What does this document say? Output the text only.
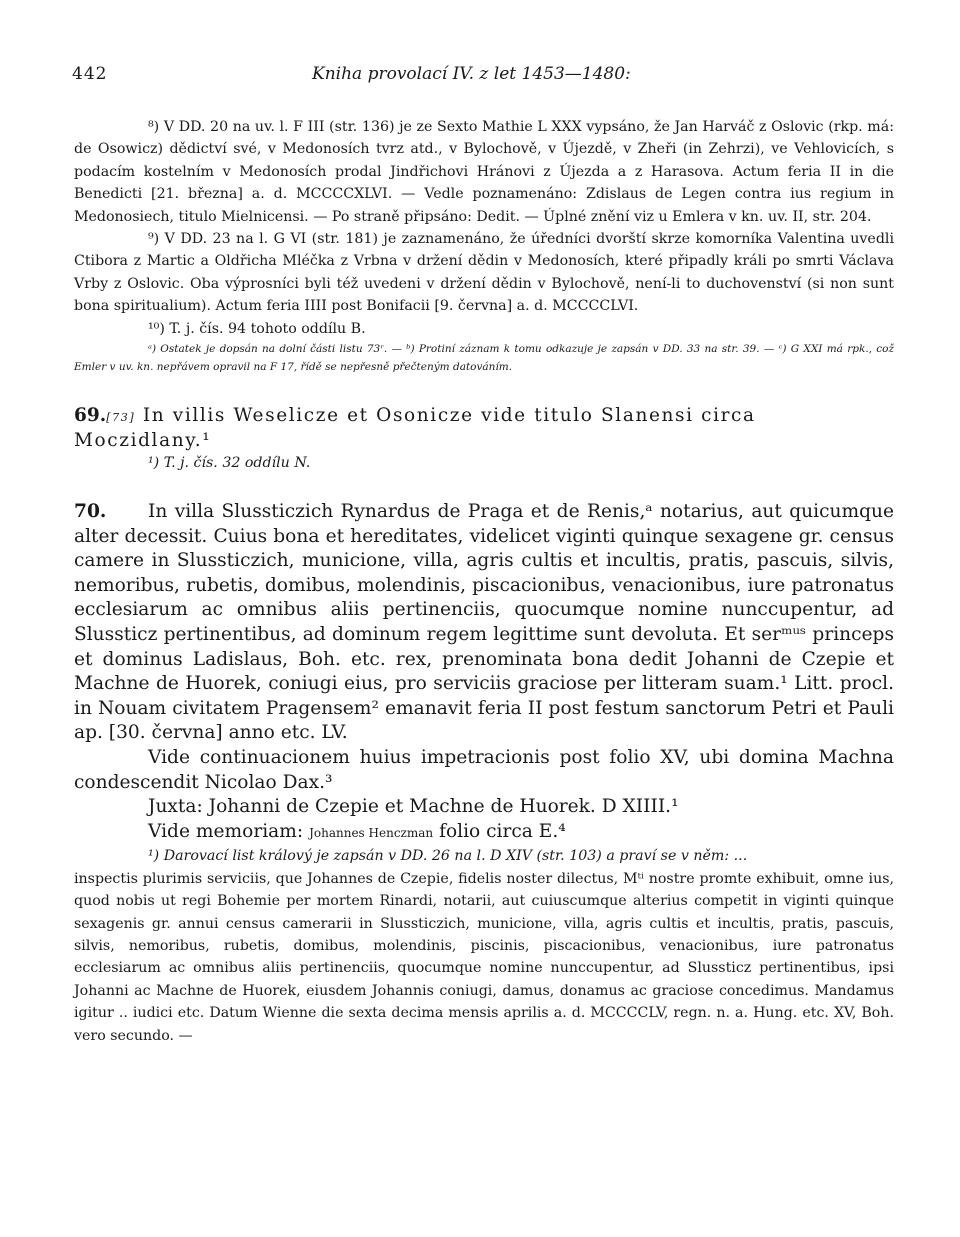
442	Kniha provolací IV. z let 1453—1480:

⁸) V DD. 20 na uv. l. F III (str. 136) je ze Sexto Mathie L XXX vypsáno, že Jan Harváč z Oslovic (rkp. má: de Osowicz) dědictví své, v Medonosích tvrz atd., v Bylochově, v Újezdě, v Zheři (in Zehrzi), ve Vehlovicích, s podacím kostelním v Medonosích prodal Jindřichovi Hránovi z Újezda a z Harasova. Actum feria II in die Benedicti [21. března] a. d. MCCCCXLVI. — Vedle poznamenáno: Zdislaus de Legen contra ius regium in Medonosiech, titulo Mielnicensi. — Po straně připsáno: Dedit. — Úplné znění viz u Emlera v kn. uv. II, str. 204.

⁹) V DD. 23 na l. G VI (str. 181) je zaznamenáno, že úředníci dvorští skrze komorníka Valentina uvedli Ctibora z Martic a Oldřicha Mléčka z Vrbna v držení dědin v Medonosích, které připadly králi po smrti Václava Vrby z Oslovic. Oba výprosníci byli též uvedeni v držení dědin v Bylochově, není-li to duchovenství (si non sunt bona spiritualium). Actum feria IIII post Bonifacii [9. června] a. d. MCCCCLVI.

¹⁰) T. j. čís. 94 tohoto oddílu B.

ᵃ) Ostatek je dopsán na dolní části listu 73ʳ. — ᵇ) Protiní záznam k tomu odkazuje je zapsán v DD. 33 na str. 39. — ᶜ) G XXI má rpk., což Emler v uv. kn. nepřávem opravil na F 17, řídě se nepřesně přečteným datováním.

69.[73] In villis Weselicze et Osonicze vide titulo Slanensi circa Moczidlany.¹
¹) T. j. čís. 32 oddílu N.

70. In villa Slussticzich Rynardus de Praga et de Renis,ᵃ notarius, aut quicumque alter decessit. Cuius bona et hereditates, videlicet viginti quinque sexagene gr. census camere in Slussticzich, municione, villa, agris cultis et incultis, pratis, pascuis, silvis, nemoribus, rubetis, domibus, molendinis, piscacionibus, venacionibus, iure patronatus ecclesiarum ac omnibus aliis pertinenciis, quocumque nomine nunccupentur, ad Slussticz pertinentibus, ad dominum regem legittime sunt devoluta. Et serᵐᵘˢ princeps et dominus Ladislaus, Boh. etc. rex, prenominata bona dedit Johanni de Czepie et Machne de Huorek, coniugi eius, pro serviciis graciose per litteram suam.¹ Litt. procl. in Nouam civitatem Pragensem² emanavit feria II post festum sanctorum Petri et Pauli ap. [30. června] anno etc. LV.

Vide continuacionem huius impetracionis post folio XV, ubi domina Machna condescendit Nicolao Dax.³

Juxta: Johanni de Czepie et Machne de Huorek. D XIIII.¹

Vide memoriam: Johannes Henczman folio circa E.⁴

¹) Darovací list králový je zapsán v DD. 26 na l. D XIV (str. 103) a praví se v něm: ...

inspectis plurimis serviciis, que Johannes de Czepie, fidelis noster dilectus, Mᵗⁱ nostre promte exhibuit, omne ius, quod nobis ut regi Bohemie per mortem Rinardi, notarii, aut cuiuscumque alterius competit in viginti quinque sexagenis gr. annui census camerarii in Slussticzich, municione, villa, agris cultis et incultis, pratis, pascuis, silvis, nemoribus, rubetis, domibus, molendinis, piscinis, piscacionibus, venacionibus, iure patronatus ecclesiarum ac omnibus aliis pertinenciis, quocumque nomine nunccupentur, ad Slussticz pertinentibus, ipsi Johanni ac Machne de Huorek, eiusdem Johannis coniugi, damus, donamus ac graciose concedimus. Mandamus igitur .. iudici etc. Datum Wienne die sexta decima mensis aprilis a. d. MCCCCLV, regn. n. a. Hung. etc. XV, Boh. vero secundo. —
